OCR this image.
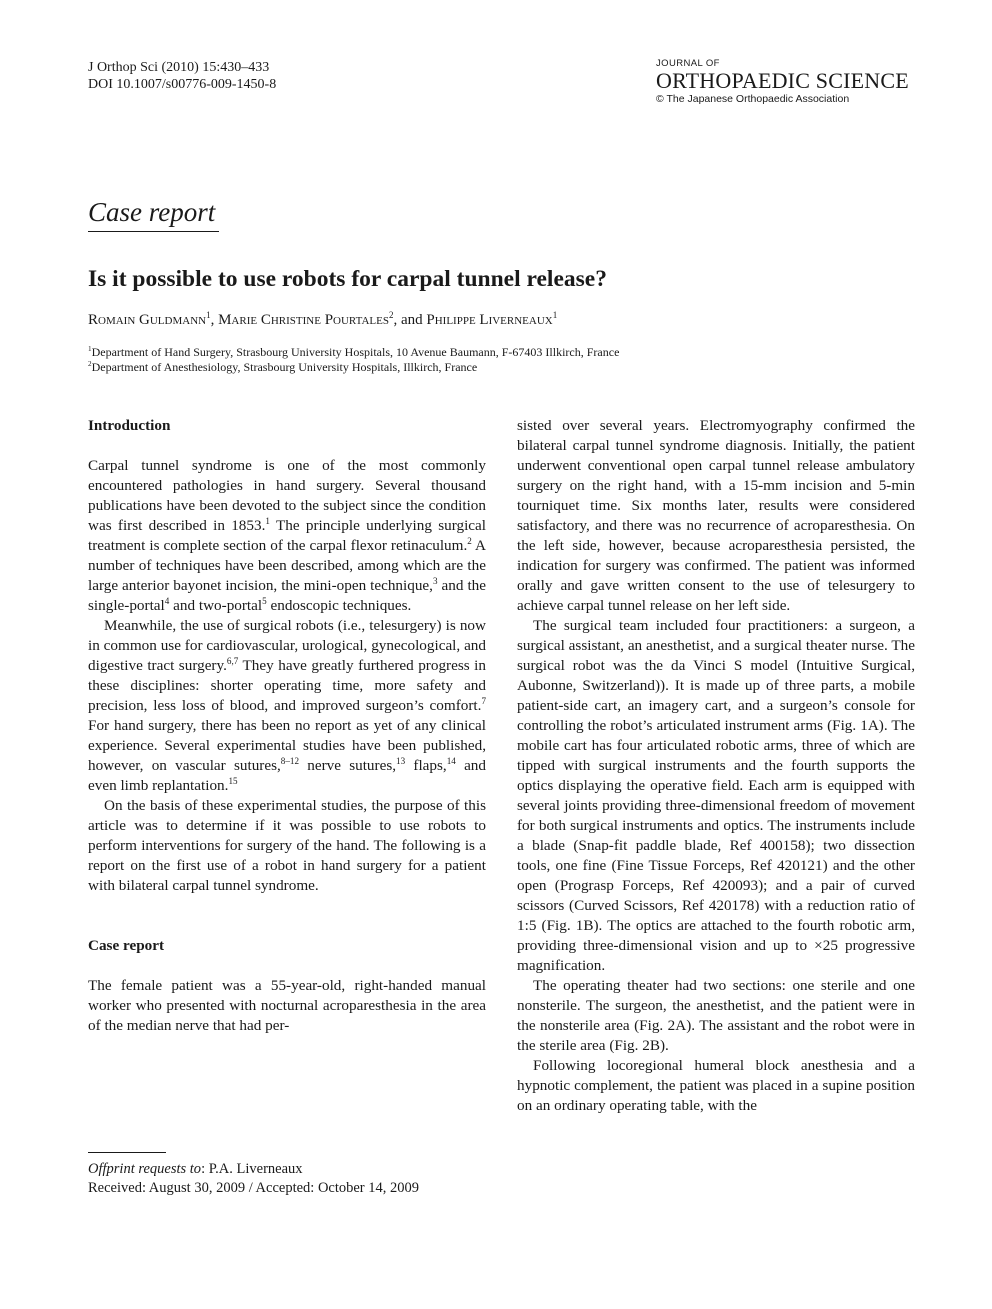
J Orthop Sci (2010) 15:430–433
DOI 10.1007/s00776-009-1450-8
JOURNAL OF
ORTHOPAEDIC SCIENCE
© The Japanese Orthopaedic Association
Case report
Is it possible to use robots for carpal tunnel release?
Romain Guldmann$^1$, Marie Christine Pourtales$^2$, and Philippe Liverneaux$^1$
$^1$Department of Hand Surgery, Strasbourg University Hospitals, 10 Avenue Baumann, F-67403 Illkirch, France
$^2$Department of Anesthesiology, Strasbourg University Hospitals, Illkirch, France
Introduction

Carpal tunnel syndrome is one of the most commonly encountered pathologies in hand surgery. Several thousand publications have been devoted to the subject since the condition was first described in 1853.$^1$ The principle underlying surgical treatment is complete section of the carpal flexor retinaculum.$^2$ A number of techniques have been described, among which are the large anterior bayonet incision, the mini-open technique,$^3$ and the single-portal$^4$ and two-portal$^5$ endoscopic techniques.

Meanwhile, the use of surgical robots (i.e., telesurgery) is now in common use for cardiovascular, urological, gynecological, and digestive tract surgery.$^{6,7}$ They have greatly furthered progress in these disciplines: shorter operating time, more safety and precision, less loss of blood, and improved surgeon’s comfort.$^7$ For hand surgery, there has been no report as yet of any clinical experience. Several experimental studies have been published, however, on vascular sutures,$^{8-12}$ nerve sutures,$^{13}$ flaps,$^{14}$ and even limb replantation.$^{15}$

On the basis of these experimental studies, the purpose of this article was to determine if it was possible to use robots to perform interventions for surgery of the hand. The following is a report on the first use of a robot in hand surgery for a patient with bilateral carpal tunnel syndrome.

Case report

The female patient was a 55-year-old, right-handed manual worker who presented with nocturnal acroparesthesia in the area of the median nerve that had per-

sisted over several years. Electromyography confirmed the bilateral carpal tunnel syndrome diagnosis. Initially, the patient underwent conventional open carpal tunnel release ambulatory surgery on the right hand, with a 15-mm incision and 5-min tourniquet time. Six months later, results were considered satisfactory, and there was no recurrence of acroparesthesia. On the left side, however, because acroparesthesia persisted, the indication for surgery was confirmed. The patient was informed orally and gave written consent to the use of telesurgery to achieve carpal tunnel release on her left side.

The surgical team included four practitioners: a surgeon, a surgical assistant, an anesthetist, and a surgical theater nurse. The surgical robot was the da Vinci S model (Intuitive Surgical, Aubonne, Switzerland)). It is made up of three parts, a mobile patient-side cart, an imagery cart, and a surgeon’s console for controlling the robot’s articulated instrument arms (Fig. 1A). The mobile cart has four articulated robotic arms, three of which are tipped with surgical instruments and the fourth supports the optics displaying the operative field. Each arm is equipped with several joints providing three-dimensional freedom of movement for both surgical instruments and optics. The instruments include a blade (Snap-fit paddle blade, Ref 400158); two dissection tools, one fine (Fine Tissue Forceps, Ref 420121) and the other open (Prograsp Forceps, Ref 420093); and a pair of curved scissors (Curved Scissors, Ref 420178) with a reduction ratio of 1:5 (Fig. 1B). The optics are attached to the fourth robotic arm, providing three-dimensional vision and up to ×25 progressive magnification.

The operating theater had two sections: one sterile and one nonsterile. The surgeon, the anesthetist, and the patient were in the nonsterile area (Fig. 2A). The assistant and the robot were in the sterile area (Fig. 2B).

Following locoregional humeral block anesthesia and a hypnotic complement, the patient was placed in a supine position on an ordinary operating table, with the

Offprint requests to: P.A. Liverneaux
Received: August 30, 2009 / Accepted: October 14, 2009
